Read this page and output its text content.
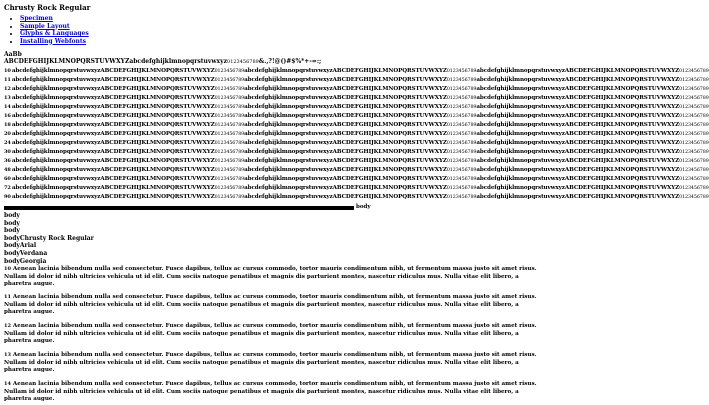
Chrusty Rock Regular
• Specimen
• Sample Layout
• Glyphs & Languages
• Installing Webfonts
AaBb
ABCDEFGHIJKLMNOPQRSTUVWXYZabcdefghijklmnopqrstuvwxyz0123456789&.,?!@()#$%*+-=:;
10 abcdefghijklmnopqrstuvwxyzABCDEFGHIJKLMNOPQRSTUVWXYZ0123456789abcdefghijklmnopqrstuvwxyzABCDEFGHIJKLMNOPQRSTUVWXYZ0123456789abcdefghijklmnopqrstuvwxyzABCDEFGHIJKLMNOPQRSTUVWXYZ0123456789
11 abcdefghijklmnopqrstuvwxyzABCDEFGHIJKLMNOPQRSTUVWXYZ0123456789abcdefghijklmnopqrstuvwxyzABCDEFGHIJKLMNOPQRSTUVWXYZ0123456789abcdefghijklmnopqrstuvwxyzABCDEFGHIJKLMNOPQRSTUVWXYZ0123456789
12 abcdefghijklmnopqrstuvwxyzABCDEFGHIJKLMNOPQRSTUVWXYZ0123456789abcdefghijklmnopqrstuvwxyzABCDEFGHIJKLMNOPQRSTUVWXYZ0123456789abcdefghijklmnopqrstuvwxyzABCDEFGHIJKLMNOPQRSTUVWXYZ0123456789
13 abcdefghijklmnopqrstuvwxyzABCDEFGHIJKLMNOPQRSTUVWXYZ0123456789abcdefghijklmnopqrstuvwxyzABCDEFGHIJKLMNOPQRSTUVWXYZ0123456789abcdefghijklmnopqrstuvwxyzABCDEFGHIJKLMNOPQRSTUVWXYZ0123456789
14 abcdefghijklmnopqrstuvwxyzABCDEFGHIJKLMNOPQRSTUVWXYZ0123456789abcdefghijklmnopqrstuvwxyzABCDEFGHIJKLMNOPQRSTUVWXYZ0123456789abcdefghijklmnopqrstuvwxyzABCDEFGHIJKLMNOPQRSTUVWXYZ0123456789
16 abcdefghijklmnopqrstuvwxyzABCDEFGHIJKLMNOPQRSTUVWXYZ0123456789abcdefghijklmnopqrstuvwxyzABCDEFGHIJKLMNOPQRSTUVWXYZ0123456789abcdefghijklmnopqrstuvwxyzABCDEFGHIJKLMNOPQRSTUVWXYZ0123456789
18 abcdefghijklmnopqrstuvwxyzABCDEFGHIJKLMNOPQRSTUVWXYZ0123456789abcdefghijklmnopqrstuvwxyzABCDEFGHIJKLMNOPQRSTUVWXYZ0123456789abcdefghijklmnopqrstuvwxyzABCDEFGHIJKLMNOPQRSTUVWXYZ0123456789
20 abcdefghijklmnopqrstuvwxyzABCDEFGHIJKLMNOPQRSTUVWXYZ0123456789abcdefghijklmnopqrstuvwxyzABCDEFGHIJKLMNOPQRSTUVWXYZ0123456789abcdefghijklmnopqrstuvwxyzABCDEFGHIJKLMNOPQRSTUVWXYZ0123456789
24 abcdefghijklmnopqrstuvwxyzABCDEFGHIJKLMNOPQRSTUVWXYZ0123456789abcdefghijklmnopqrstuvwxyzABCDEFGHIJKLMNOPQRSTUVWXYZ0123456789abcdefghijklmnopqrstuvwxyzABCDEFGHIJKLMNOPQRSTUVWXYZ0123456789
30 abcdefghijklmnopqrstuvwxyzABCDEFGHIJKLMNOPQRSTUVWXYZ0123456789abcdefghijklmnopqrstuvwxyzABCDEFGHIJKLMNOPQRSTUVWXYZ0123456789abcdefghijklmnopqrstuvwxyzABCDEFGHIJKLMNOPQRSTUVWXYZ0123456789
36 abcdefghijklmnopqrstuvwxyzABCDEFGHIJKLMNOPQRSTUVWXYZ0123456789abcdefghijklmnopqrstuvwxyzABCDEFGHIJKLMNOPQRSTUVWXYZ0123456789abcdefghijklmnopqrstuvwxyzABCDEFGHIJKLMNOPQRSTUVWXYZ0123456789
48 abcdefghijklmnopqrstuvwxyzABCDEFGHIJKLMNOPQRSTUVWXYZ0123456789abcdefghijklmnopqrstuvwxyzABCDEFGHIJKLMNOPQRSTUVWXYZ0123456789abcdefghijklmnopqrstuvwxyzABCDEFGHIJKLMNOPQRSTUVWXYZ0123456789
60 abcdefghijklmnopqrstuvwxyzABCDEFGHIJKLMNOPQRSTUVWXYZ0123456789abcdefghijklmnopqrstuvwxyzABCDEFGHIJKLMNOPQRSTUVWXYZ0123456789abcdefghijklmnopqrstuvwxyzABCDEFGHIJKLMNOPQRSTUVWXYZ0123456789
72 abcdefghijklmnopqrstuvwxyzABCDEFGHIJKLMNOPQRSTUVWXYZ0123456789abcdefghijklmnopqrstuvwxyzABCDEFGHIJKLMNOPQRSTUVWXYZ0123456789abcdefghijklmnopqrstuvwxyzABCDEFGHIJKLMNOPQRSTUVWXYZ0123456789
90 abcdefghijklmnopqrstuvwxyzABCDEFGHIJKLMNOPQRSTUVWXYZ0123456789abcdefghijklmnopqrstuvwxyzABCDEFGHIJKLMNOPQRSTUVWXYZ0123456789abcdefghijklmnopqrstuvwxyzABCDEFGHIJKLMNOPQRSTUVWXYZ0123456789
body
body
body
body
bodyChrusty Rock Regular
bodyArial
bodyVerdana
bodyGeorgia
10 Aenean lacinia bibendum nulla sed consectetur. Fusce dapibus, tellus ac cursus commodo, tortor mauris condimentum nibh, ut fermentum massa justo sit amet risus. Nullam id dolor id nibh ultricies vehicula ut id elit. Cum sociis natoque penatibus et magnis dis parturient montes, nascetur ridiculus mus. Nulla vitae elit libero, a pharetra augue.
11 Aenean lacinia bibendum nulla sed consectetur. Fusce dapibus, tellus ac cursus commodo, tortor mauris condimentum nibh, ut fermentum massa justo sit amet risus. Nullam id dolor id nibh ultricies vehicula ut id elit. Cum sociis natoque penatibus et magnis dis parturient montes, nascetur ridiculus mus. Nulla vitae elit libero, a pharetra augue.
12 Aenean lacinia bibendum nulla sed consectetur. Fusce dapibus, tellus ac cursus commodo, tortor mauris condimentum nibh, ut fermentum massa justo sit amet risus. Nullam id dolor id nibh ultricies vehicula ut id elit. Cum sociis natoque penatibus et magnis dis parturient montes, nascetur ridiculus mus. Nulla vitae elit libero, a pharetra augue.
13 Aenean lacinia bibendum nulla sed consectetur. Fusce dapibus, tellus ac cursus commodo, tortor mauris condimentum nibh, ut fermentum massa justo sit amet risus. Nullam id dolor id nibh ultricies vehicula ut id elit. Cum sociis natoque penatibus et magnis dis parturient montes, nascetur ridiculus mus. Nulla vitae elit libero, a pharetra augue.
14 Aenean lacinia bibendum nulla sed consectetur. Fusce dapibus, tellus ac cursus commodo, tortor mauris condimentum nibh, ut fermentum massa justo sit amet risus. Nullam id dolor id nibh ultricies vehicula ut id elit. Cum sociis natoque penatibus et magnis dis parturient montes, nascetur ridiculus mus. Nulla vitae elit libero, a pharetra augue.
